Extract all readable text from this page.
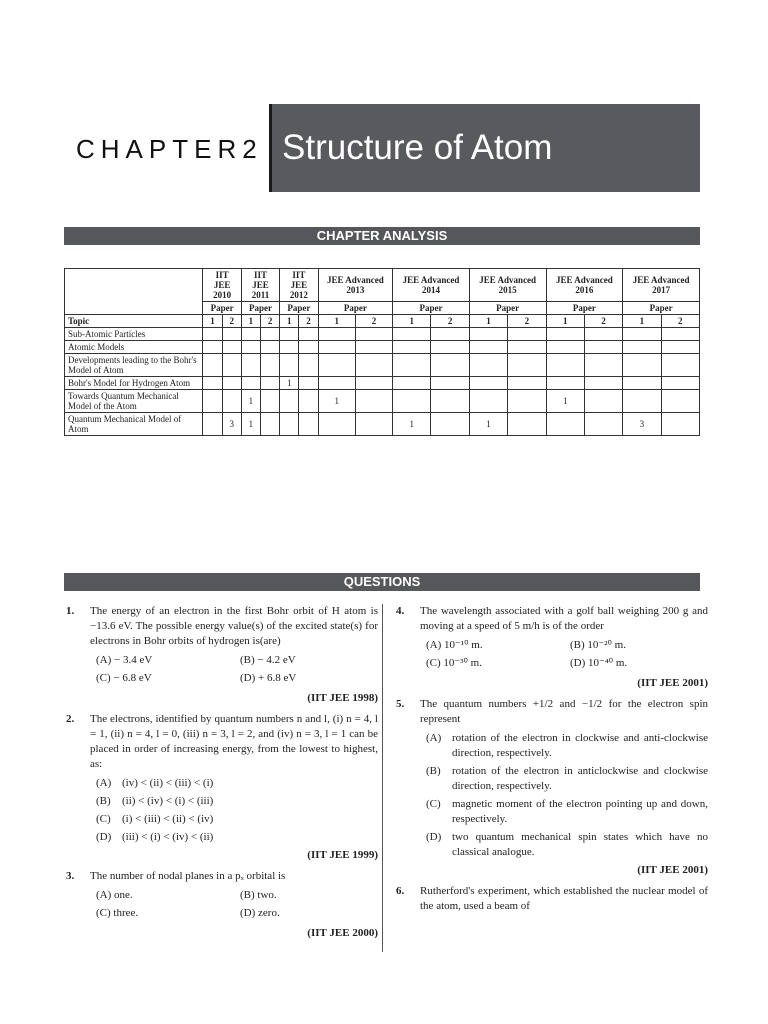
CHAPTER2 Structure of Atom
CHAPTER ANALYSIS
	IIT JEE 2010		IIT JEE 2011		IIT JEE 2012		JEE Advanced 2013		JEE Advanced 2014		JEE Advanced 2015		JEE Advanced 2016		JEE Advanced 2017	
	Paper		Paper		Paper		Paper		Paper		Paper		Paper		Paper	
Topic	1	2	1	2	1	2	1	2	1	2	1	2	1	2	1	2
Sub-Atomic Particles																
Atomic Models																
Developments leading to the Bohr's Model of Atom																
Bohr's Model for Hydrogen Atom					1											
Towards Quantum Mechanical Model of the Atom			1				1						1			
Quantum Mechanical Model of Atom		3	1						1		1				3	
QUESTIONS
1. The energy of an electron in the first Bohr orbit of H atom is −13.6 eV. The possible energy value(s) of the excited state(s) for electrons in Bohr orbits of hydrogen is(are)
(A) − 3.4 eV	(B) − 4.2 eV
(C) − 6.8 eV	(D) + 6.8 eV
(IIT JEE 1998)
2. The electrons, identified by quantum numbers n and l, (i) n = 4, l = 1, (ii) n = 4, l = 0, (iii) n = 3, l = 2, and (iv) n = 3, l = 1 can be placed in order of increasing energy, from the lowest to highest, as:
(A) (iv) < (ii) < (iii) < (i)
(B)	(ii) < (iv) < (i) < (iii)
(C)	(i) < (iii) < (ii) < (iv)
(D) (iii) < (i) < (iv) < (ii)
(IIT JEE 1999)
3. The number of nodal planes in a pₓ orbital is
(A) one.	(B) two.
(C) three.	(D) zero.
(IIT JEE 2000)
4. The wavelength associated with a golf ball weighing 200 g and moving at a speed of 5 m/h is of the order
(A) 10⁻¹⁰ m.	(B) 10⁻²⁰ m.
(C) 10⁻³⁰ m.	(D) 10⁻⁴⁰ m.
(IIT JEE 2001)
5. The quantum numbers +1/2 and −1/2 for the electron spin represent
(A) rotation of the electron in clockwise and anti-clockwise direction, respectively.
(B)	rotation of the electron in anticlockwise and clockwise direction, respectively.
(C)	magnetic moment of the electron pointing up and down, respectively.
(D) two quantum mechanical spin states which have no classical analogue.
(IIT JEE 2001)
6. Rutherford's experiment, which established the nuclear model of the atom, used a beam of
